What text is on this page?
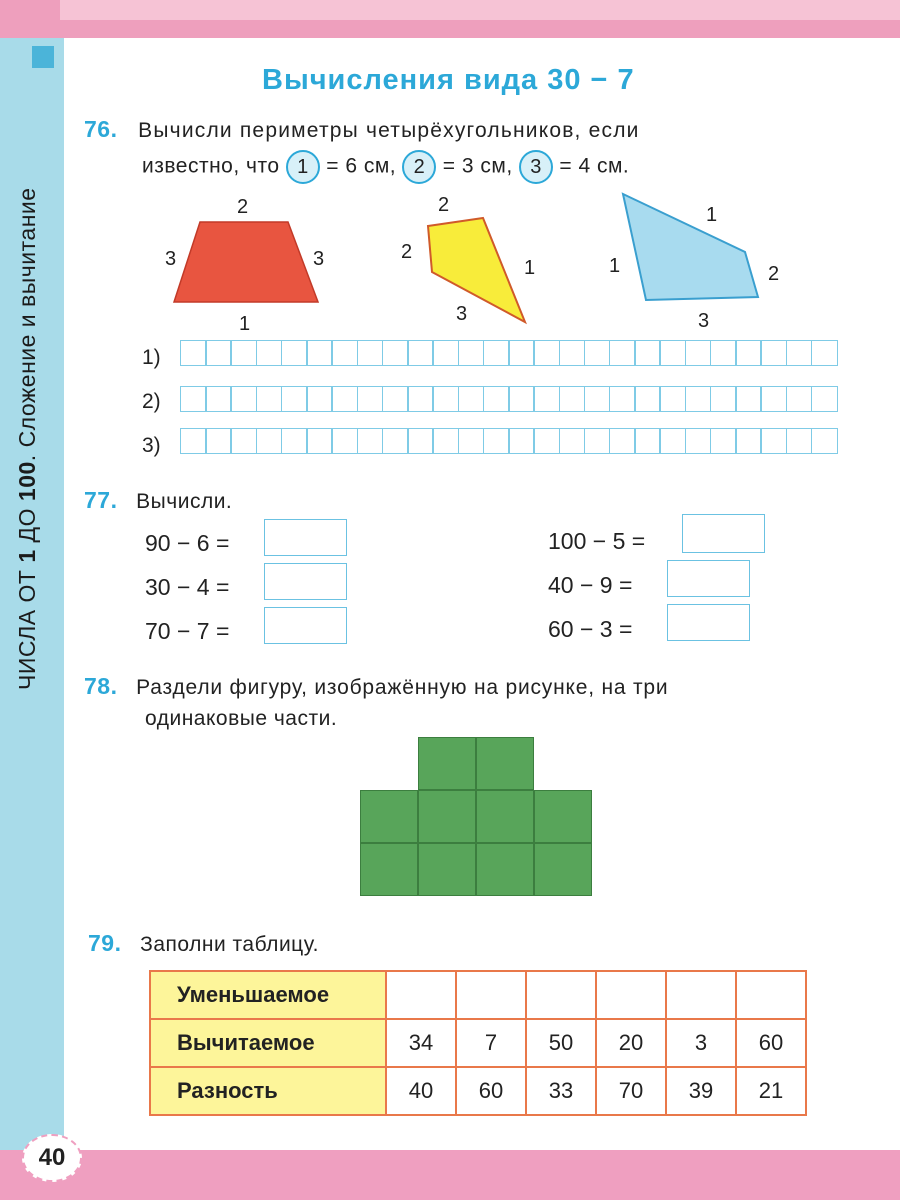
ЧИСЛА ОТ 1 ДО 100. Сложение и вычитание
Вычисления вида 30 − 7
76. Вычисли периметры четырёхугольников, если
известно, что 1 = 6 см, 2 = 3 см, 3 = 4 см.
2
3	3
1
2
2
1
3
1
1	2
3
1)
2)
3)
77. Вычисли.
90 − 6 =
30 − 4 =
70 − 7 =
100 − 5 =
40 − 9 =
60 − 3 =
78. Раздели фигуру, изображённую на рисунке, на три
одинаковые части.
79. Заполни таблицу.
Уменьшаемое						
Вычитаемое	34	7	50	20	3	60
Разность	40	60	33	70	39	21
40
